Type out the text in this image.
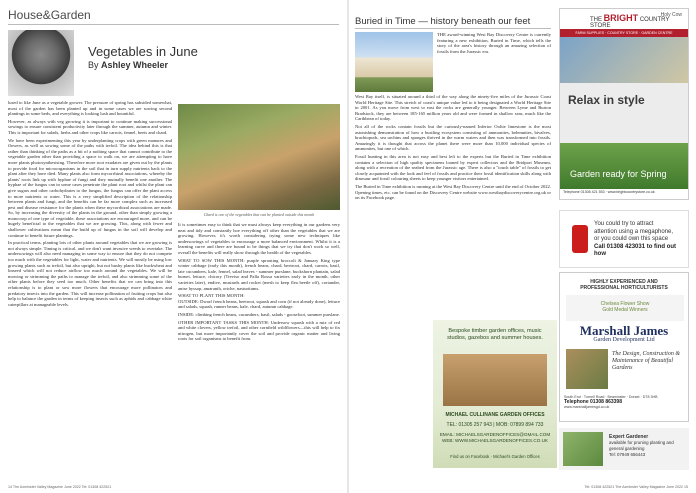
House&Garden
Vegetables in June
By Ashley Wheeler

lused to like June as a vegetable grower. The pressure of spring has subsided somewhat, most of the garden has been planted up and in some cases we are sowing second plantings in some beds, and everything is looking lush and bountiful.

However, as always with veg growing it is important to continue making successional sowings to ensure consistent productivity later through the summer, autumn and winter. This is important for salads, herbs and other crops like carrots, fennel, beets and chard.

We have been experimenting this year by underplanting crops with green manures and flowers, as well as sowing some of the paths with trefoil. The idea behind this is that rather than thinking of the paths as a bit of a nothing space that cannot contribute to the vegetable garden other than providing a space to walk on, we are attempting to have more plants photosynthesising. Therefore more root exudates are given out by the plants to provide food for microorganisms in the soil that in turn supply nutrients back to the plant after they have died. Many plants also form mycorrhizal associations, whereby the plants' roots link up with hyphae of fungi and they mutually benefit one another. The hyphae of the fungus can in some cases penetrate the plant root and whilst the plant can give sugars and other carbohydrates to the fungus, the fungus can offer the plant access to more nutrients or water. This is a very simplified description of the relationship between plants and fungi, and the benefits can be far more complex such as increased pest and disease resistance for the plants when these mycorrhizal associations are made. So, by increasing the diversity of the plants in the ground, other than simply growing a monocrop of one type of vegetable, these associations are encouraged more, and can be hugely beneficial to the vegetables that we are growing. This, along with fewer and shallower cultivations mean that the build up of fungus in the soil will develop and continue to benefit future plantings.

In practical terms, planting lots of other plants around vegetables that we are growing is not always simple. Timing is critical, and we don't want invasive weeds to overtake. The undersowings will also need managing in some way to ensure that they do not compete too much with the vegetables for light, water and nutrients. We will mostly be using low growing plants such as trefoil, but also upright, but not bushy plants like buckwheat and linseed which will not reduce airflow too much around the vegetables. We will be mowing or strimming the paths to manage the trefoil, and also strimming some of the other plants before they seed too much. Other benefits that we can bring into this relationship is to plant or sow more flowers that encourage more pollinators and predatory insects into the garden. This will increase pollination of fruiting crops but also help to balance the garden in terms of keeping insects such as aphids and cabbage white caterpillars at manageable levels.

Chard is one of the vegetables that can be planted outside this month

It is sometimes easy to think that we must always keep everything in our gardens very neat and tidy and constantly hoe everything off other than the vegetables that we are growing. However, it's worth considering trying some new techniques like undersowings of vegetables to encourage a more balanced environment. Whilst it is a learning curve and there are bound to be things that we try that don't work so well, overall the benefits will really show through the health of the vegetables.

WHAT TO SOW THIS MONTH: purple sprouting broccoli & January King type winter cabbage (early this month), french beans, chard, beetroot, chard, carrots, basil, late cucumbers, kale, fennel, salad leaves - summer purslane, buckshorn plantain, salad burnet, lettuce, chicory (Treviso and Palla Rossa varieties early in the month, other varieties later), endive, mustards and rocket (mesh to keep flea beetle off), coriander, anise hyssop, amaranth, oriche, nasturtiums.

WHAT TO PLANT THIS MONTH:

OUTSIDE: Dwarf french beans, beetroot, squash and corn (if not already done), lettuce and salads, squash, runner beans, kale, chard, autumn cabbage.

INSIDE: climbing french beans, cucumbers, basil, salads - goosefoot, summer purslane.

OTHER IMPORTANT TASKS THIS MONTH: Undersow squash with a mix of red and white clovers, yellow trefoil, and other cornfield wildflowers—this will help to fix nitrogen, but more importantly cover the soil and provide organic matter and living roots for soil organisms to benefit from.

14 The Axminster Valley Magazine June 2022 Tel: 01308 422521
Buried in Time — history beneath our feet

THE award-winning West Bay Discovery Centre is currently featuring a new exhibition, Buried in Time, which tells the story of the area's history through an amazing selection of fossils from the Jurassic era.

West Bay itself, is situated around a third of the way along the ninety-five miles of the Jurassic Coast World Heritage Site. This stretch of coast's unique value led to it being designated a World Heritage Site in 2001. As you move from west to east the rocks are generally younger. Between Lyme and Burton Bradstock, they are between 185-165 million years old and were formed in shallow seas, much like the Caribbean of today.

Not all of the rocks contain fossils but the curiously-named Inferior Oolite limestone is the most astonishing demonstration of how a bustling ecosystem consisting of ammonites, belemnites, bivalves, brachiopods, sea urchins and sponges thrived in the warm waters and then was transformed into fossils. Amazingly it is thought that across the planet there were more than 10,000 individual species of ammonites, but one of which.

Fossil hunting in this area is not easy and best left to the experts but the Buried in Time exhibition contains a selection of high quality specimens loaned by expert collectors and the Bridport Museum, along with a recreation of the seabed from the Jurassic age. There is also a "touch table" of fossils to get closely acquainted with the look and feel of fossils and practice their fossil identification skills along with dinosaur and fossil colouring sheets to keep younger visitors entertained.

The Buried in Time exhibition is running at the West Bay Discovery Centre until the end of October 2022. Opening times, etc. can be found on the Discovery Centre website www.westbaydiscoverycentre.org.uk or on its Facebook page.

THE BRIGHT COUNTRY STORE
Holy Cow
FARM SUPPLIES · COUNTRY STORE · GARDEN CENTRE
Relax in style
Garden ready for Spring
Telephone 01308 421 553 · www.brightcountrystore.co.uk
You could try to attract
attention using a megaphone,
or you could own this space
Call 01308 423031 to find out how
HIGHLY EXPERIENCED AND
PROFESSIONAL HORTICULTURISTS
Chelsea Flower Show
Gold Medal Winners
Marshall James
Garden Development Ltd
The Design, Construction & Maintenance of Beautiful Gardens
South End · Turnell Road · Beaminster · Dorset · DT8 3HB
Telephone 01308 863398
www.marshalljamesgd.co.uk
Bespoke timber garden offices, music studios, gazebos and summer houses.
MICHAEL CULLINANE GARDEN OFFICES
TEL: 01305 257 943 | MOB: 07899 894 733
EMAIL: MICHAELSGARDENOFFICES@GMAIL.COM
WEB: WWW.MICHAELSGARDENOFFICES.CO.UK
Find us on Facebook · Michael's Garden Offices
Expert Gardener
available for pruning planting and general gardening
Tel: 07949 656443
Tel: 01308 422521 The Axminster Valley Magazine June 2022 15
